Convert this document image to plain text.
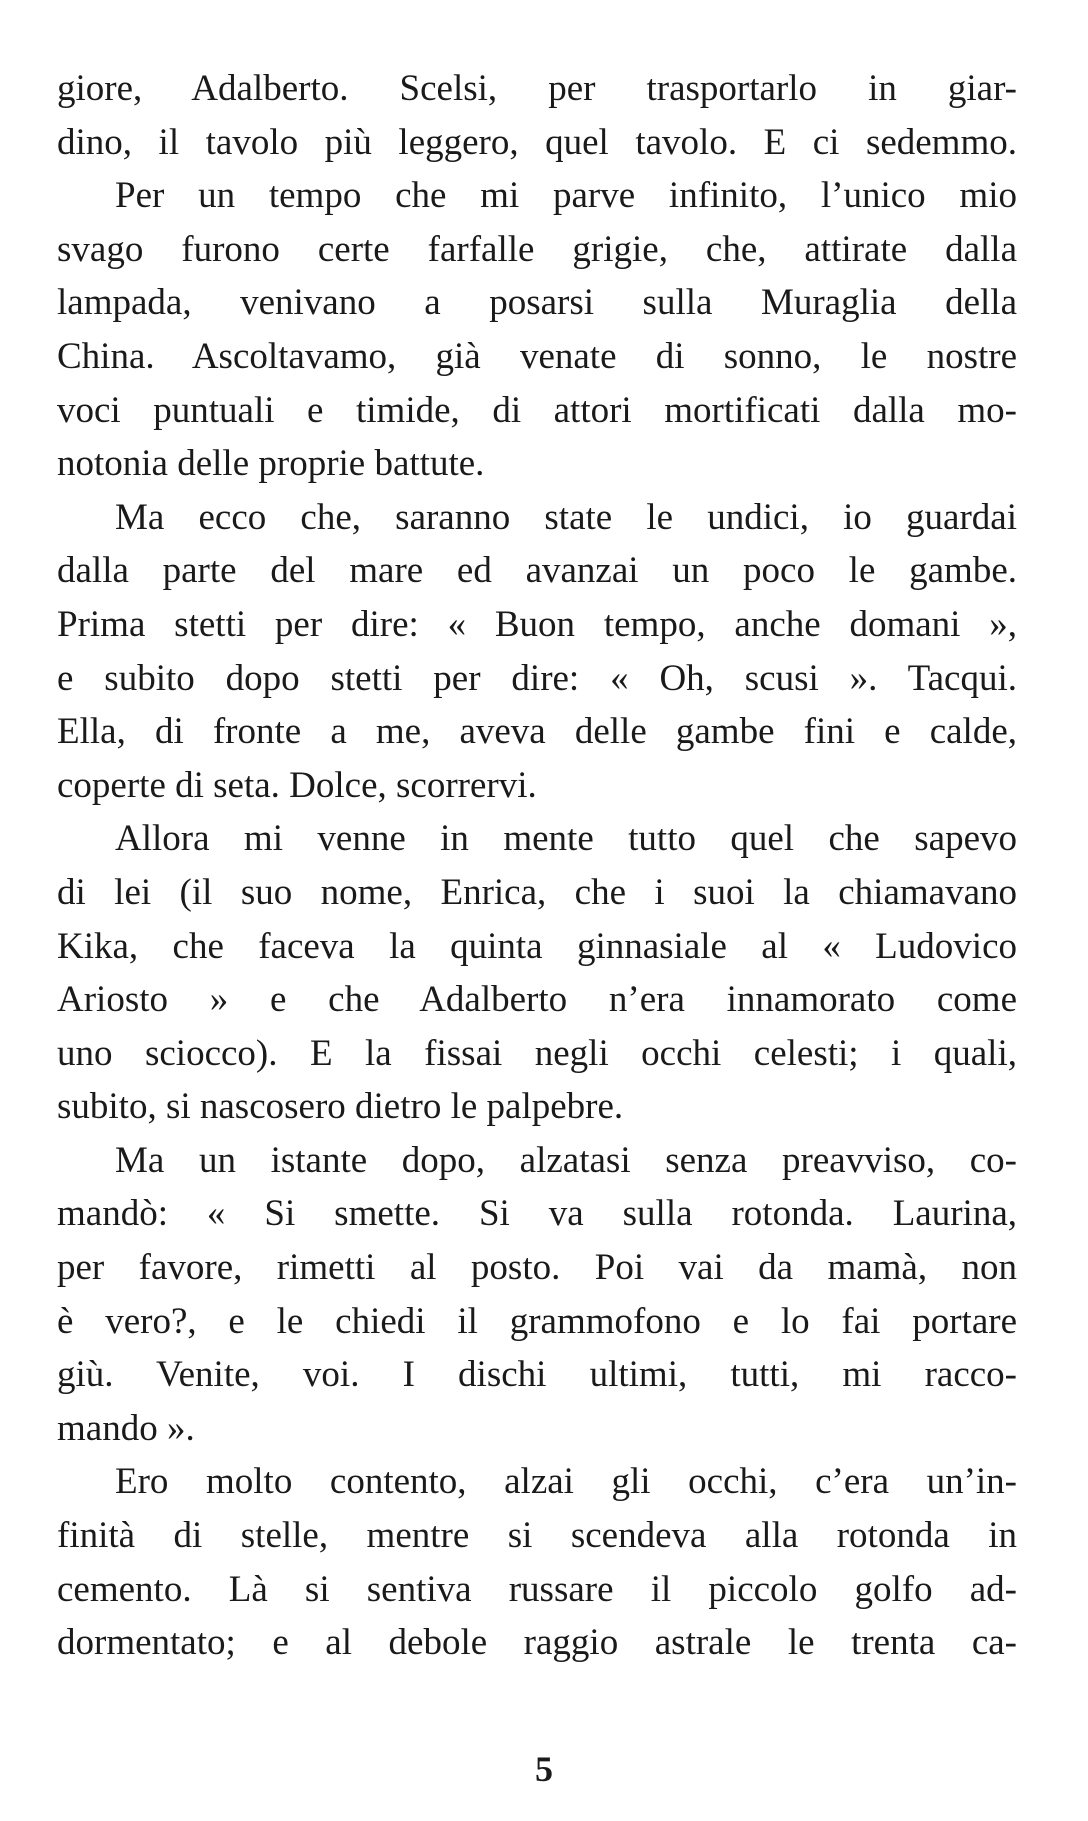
giore, Adalberto. Scelsi, per trasportarlo in giar-
dino, il tavolo più leggero, quel tavolo. E ci sedemmo.
Per un tempo che mi parve infinito, l’unico mio
svago furono certe farfalle grigie, che, attirate dalla
lampada, venivano a posarsi sulla Muraglia della
China. Ascoltavamo, già venate di sonno, le nostre
voci puntuali e timide, di attori mortificati dalla mo-
notonia delle proprie battute.
Ma ecco che, saranno state le undici, io guardai
dalla parte del mare ed avanzai un poco le gambe.
Prima stetti per dire: « Buon tempo, anche domani »,
e subito dopo stetti per dire: « Oh, scusi ». Tacqui.
Ella, di fronte a me, aveva delle gambe fini e calde,
coperte di seta. Dolce, scorrervi.
Allora mi venne in mente tutto quel che sapevo
di lei (il suo nome, Enrica, che i suoi la chiamavano
Kika, che faceva la quinta ginnasiale al « Ludovico
Ariosto » e che Adalberto n’era innamorato come
uno sciocco). E la fissai negli occhi celesti; i quali,
subito, si nascosero dietro le palpebre.
Ma un istante dopo, alzatasi senza preavviso, co-
mandò: « Si smette. Si va sulla rotonda. Laurina,
per favore, rimetti al posto. Poi vai da mamà, non
è vero?, e le chiedi il grammofono e lo fai portare
giù. Venite, voi. I dischi ultimi, tutti, mi racco-
mando ».
Ero molto contento, alzai gli occhi, c’era un’in-
finità di stelle, mentre si scendeva alla rotonda in
cemento. Là si sentiva russare il piccolo golfo ad-
dormentato; e al debole raggio astrale le trenta ca-
5
